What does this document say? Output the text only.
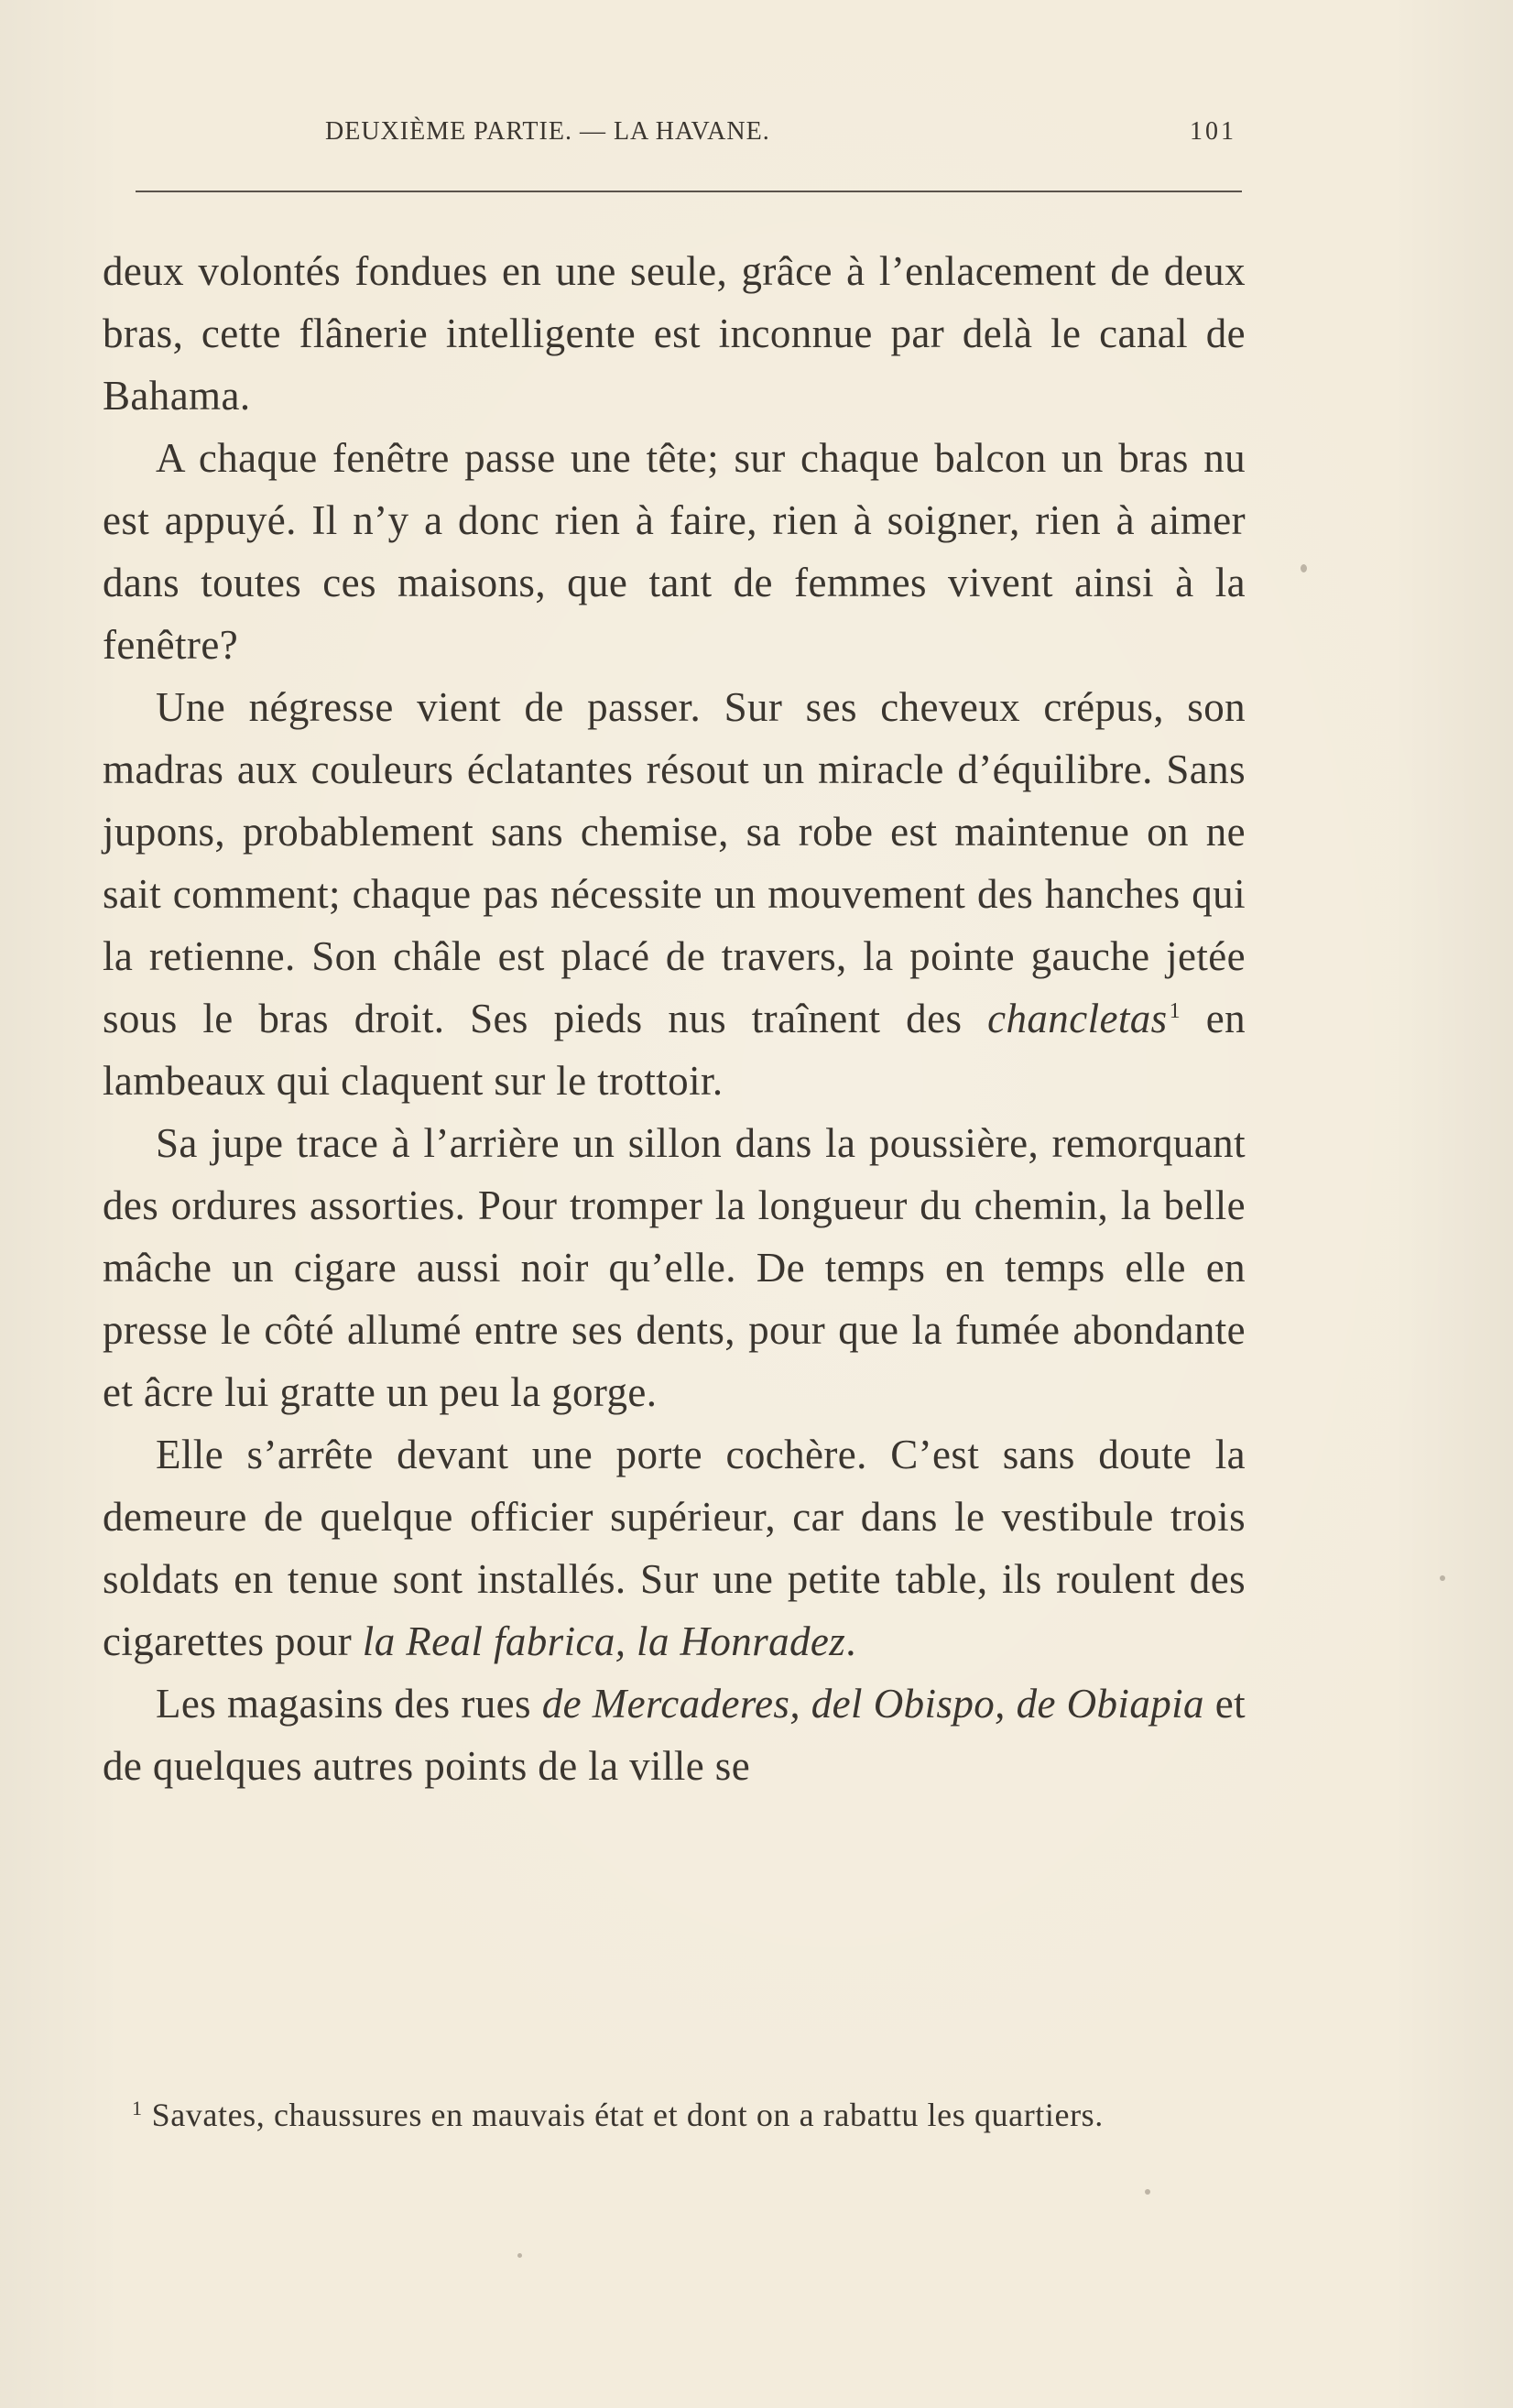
DEUXIÈME PARTIE. — LA HAVANE.	101

deux volontés fondues en une seule, grâce à l’enlacement de deux bras, cette flânerie intelligente est inconnue par delà le canal de Bahama.

A chaque fenêtre passe une tête; sur chaque balcon un bras nu est appuyé. Il n’y a donc rien à faire, rien à soigner, rien à aimer dans toutes ces maisons, que tant de femmes vivent ainsi à la fenêtre?

Une négresse vient de passer. Sur ses cheveux crépus, son madras aux couleurs éclatantes résout un miracle d’équilibre. Sans jupons, probablement sans chemise, sa robe est maintenue on ne sait comment; chaque pas nécessite un mouvement des hanches qui la retienne. Son châle est placé de travers, la pointe gauche jetée sous le bras droit. Ses pieds nus traînent des chancletas$^1$ en lambeaux qui claquent sur le trottoir.

Sa jupe trace à l’arrière un sillon dans la poussière, remorquant des ordures assorties. Pour tromper la longueur du chemin, la belle mâche un cigare aussi noir qu’elle. De temps en temps elle en presse le côté allumé entre ses dents, pour que la fumée abondante et âcre lui gratte un peu la gorge.

Elle s’arrête devant une porte cochère. C’est sans doute la demeure de quelque officier supérieur, car dans le vestibule trois soldats en tenue sont installés. Sur une petite table, ils roulent des cigarettes pour la Real fabrica, la Honradez.

Les magasins des rues de Mercaderes, del Obispo, de Obiapia et de quelques autres points de la ville se

$^1$ Savates, chaussures en mauvais état et dont on a rabattu les quartiers.
